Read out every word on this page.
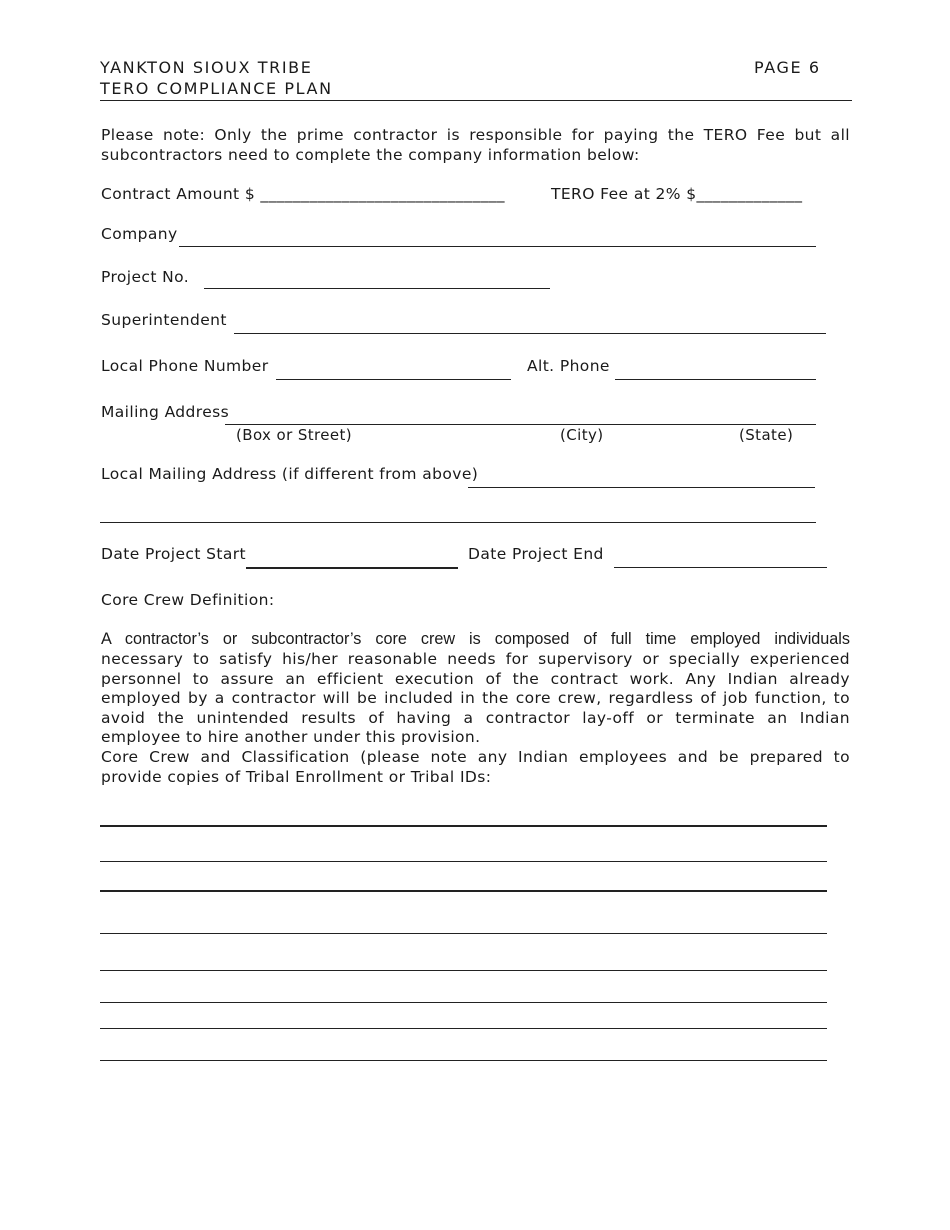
YANKTON SIOUX TRIBE
TERO COMPLIANCE PLAN
PAGE 6
Please note: Only the prime contractor is responsible for paying the TERO Fee but all subcontractors need to complete the company information below:
Contract Amount $ ______________________________	TERO Fee at 2% $_____________
Company
Project No.
Superintendent
Local Phone Number	Alt. Phone
Mailing Address
(Box or Street)	(City)	(State)
Local Mailing Address (if different from above)
Date Project Start	Date Project End
Core Crew Definition:
A contractor’s or subcontractor’s core crew is composed of full time employed individuals
necessary to satisfy his/her reasonable needs for supervisory or specially experienced personnel to assure an efficient execution of the contract work. Any Indian already employed by a contractor will be included in the core crew, regardless of job function, to avoid the unintended results of having a contractor lay-off or terminate an Indian employee to hire another under this provision.
Core Crew and Classification (please note any Indian employees and be prepared to provide copies of Tribal Enrollment or Tribal IDs:
